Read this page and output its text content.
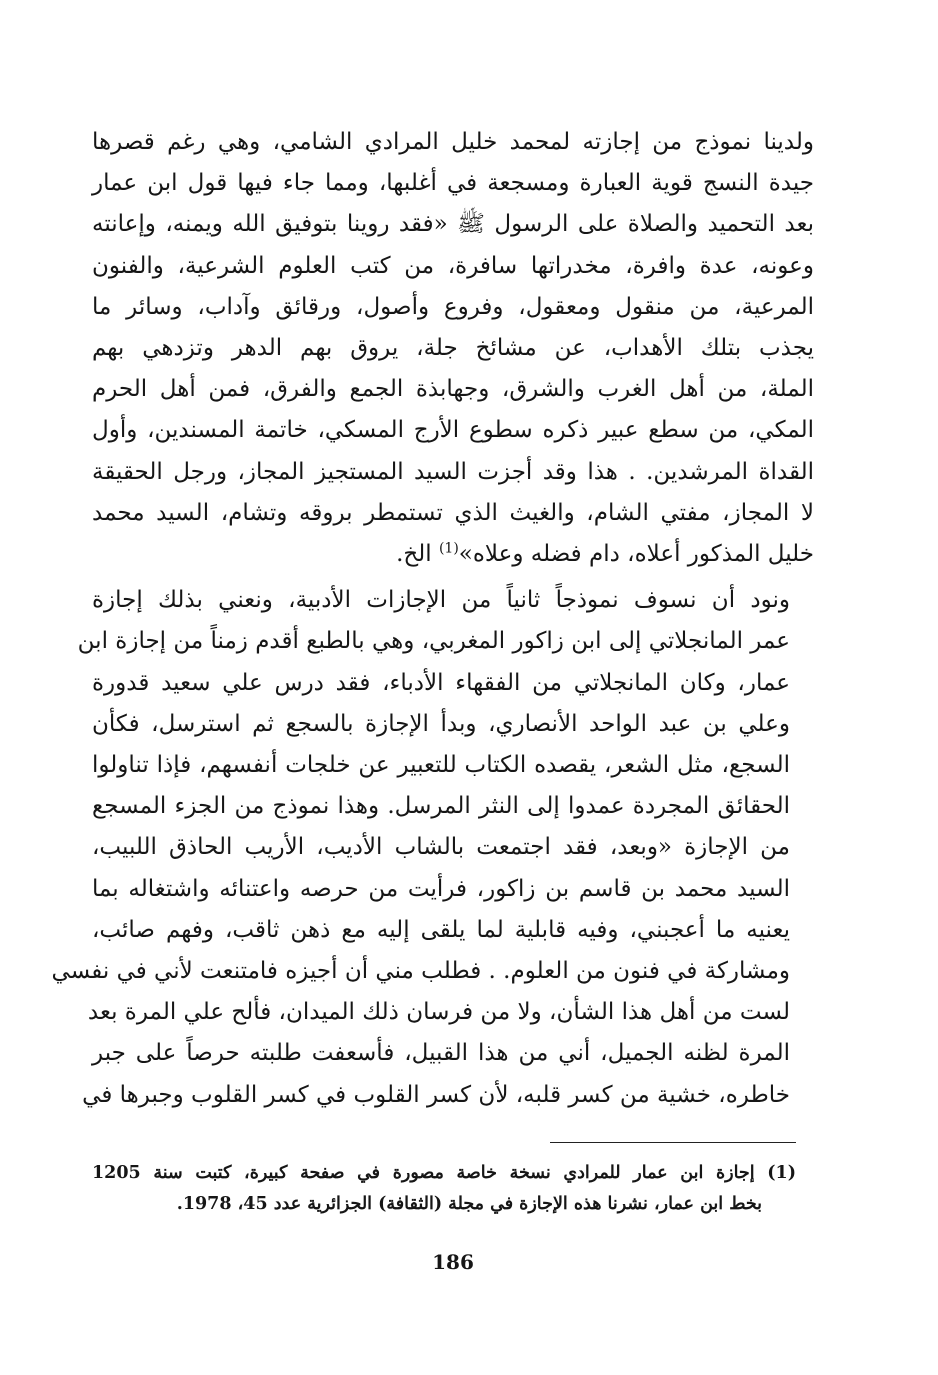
ولدينا نموذج من إجازته لمحمد خليل المرادي الشامي، وهي رغم قصرها
جيدة النسج قوية العبارة ومسجعة في أغلبها، ومما جاء فيها قول ابن عمار
بعد التحميد والصلاة على الرسول ﷺ «فقد روينا بتوفيق الله ويمنه، وإعانته
وعونه، عدة وافرة، مخدراتها سافرة، من كتب العلوم الشرعية، والفنون
المرعية، من منقول ومعقول، وفروع وأصول، ورقائق وآداب، وسائر ما
يجذب بتلك الأهداب، عن مشائخ جلة، يروق بهم الدهر وتزدهي بهم
الملة، من أهل الغرب والشرق، وجهابذة الجمع والفرق، فمن أهل الحرم
المكي، من سطع عبير ذكره سطوع الأرج المسكي، خاتمة المسندين، وأول
القداة المرشدين. . هذا وقد أجزت السيد المستجيز المجاز، ورجل الحقيقة
لا المجاز، مفتي الشام، والغيث الذي تستمطر بروقه وتشام، السيد محمد
خليل المذكور أعلاه، دام فضله وعلاه»$^{(1)}$ الخ.

ونود أن نسوف نموذجاً ثانياً من الإجازات الأدبية، ونعني بذلك إجازة
عمر المانجلاتي إلى ابن زاكور المغربي، وهي بالطبع أقدم زمناً من إجازة ابن
عمار، وكان المانجلاتي من الفقهاء الأدباء، فقد درس علي سعيد قدورة
وعلي بن عبد الواحد الأنصاري، وبدأ الإجازة بالسجع ثم استرسل، فكأن
السجع، مثل الشعر، يقصده الكتاب للتعبير عن خلجات أنفسهم، فإذا تناولوا
الحقائق المجردة عمدوا إلى النثر المرسل. وهذا نموذج من الجزء المسجع
من الإجازة «وبعد، فقد اجتمعت بالشاب الأديب، الأريب الحاذق اللبيب،
السيد محمد بن قاسم بن زاكور، فرأيت من حرصه واعتنائه واشتغاله بما
يعنيه ما أعجبني، وفيه قابلية لما يلقى إليه مع ذهن ثاقب، وفهم صائب،
ومشاركة في فنون من العلوم. . فطلب مني أن أجيزه فامتنعت لأني في نفسي
لست من أهل هذا الشأن، ولا من فرسان ذلك الميدان، فألح علي المرة بعد
المرة لظنه الجميل، أني من هذا القبيل، فأسعفت طلبته حرصاً على جبر
خاطره، خشية من كسر قلبه، لأن كسر القلوب في كسر القلوب وجبرها في

(1) إجازة ابن عمار للمرادي نسخة خاصة مصورة في صفحة كبيرة، كتبت سنة 1205
بخط ابن عمار، نشرنا هذه الإجازة في مجلة (الثقافة) الجزائرية عدد 45، 1978.
186
